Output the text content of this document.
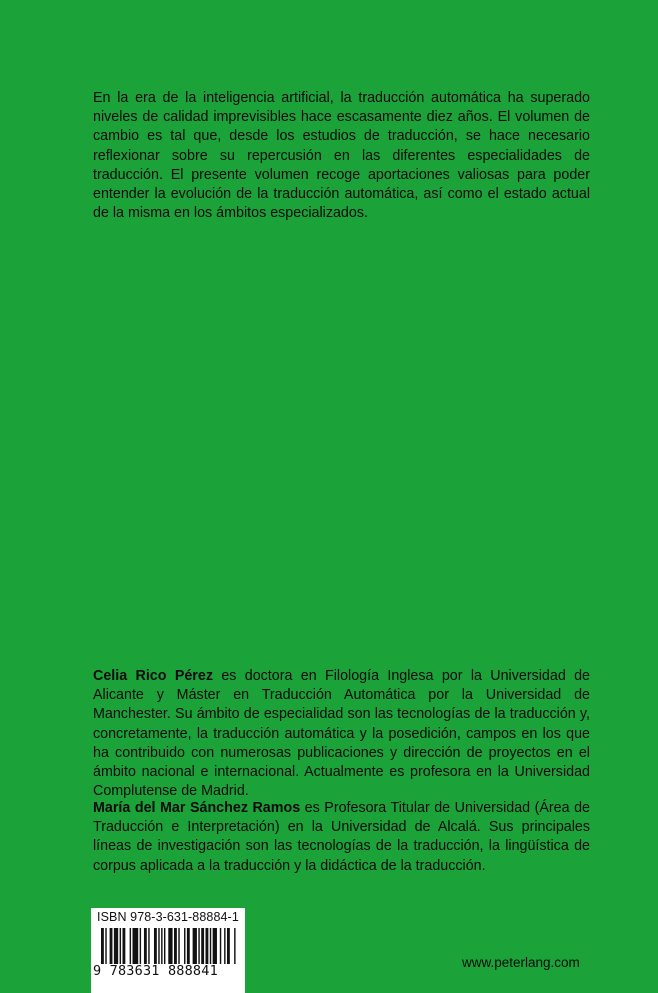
En la era de la inteligencia artificial, la traducción automática ha superado niveles de calidad imprevisibles hace escasamente diez años. El volumen de cambio es tal que, desde los estudios de traducción, se hace necesario reflexionar sobre su repercusión en las diferentes especialidades de traducción. El presente volumen recoge aportaciones valiosas para poder entender la evolución de la traducción automática, así como el estado actual de la misma en los ámbitos especializados.

Celia Rico Pérez es doctora en Filología Inglesa por la Universidad de Alicante y Máster en Traducción Automática por la Universidad de Manchester. Su ámbito de especialidad son las tecnologías de la traducción y, concretamente, la traducción automática y la posedición, campos en los que ha contribuido con numerosas publicaciones y dirección de proyectos en el ámbito nacional e internacional. Actualmente es profesora en la Universidad Complutense de Madrid.

María del Mar Sánchez Ramos es Profesora Titular de Universidad (Área de Traducción e Interpretación) en la Universidad de Alcalá. Sus principales líneas de investigación son las tecnologías de la traducción, la lingüística de corpus aplicada a la traducción y la didáctica de la traducción.

ISBN 978-3-631-88884-1
9 783631 888841
www.peterlang.com
